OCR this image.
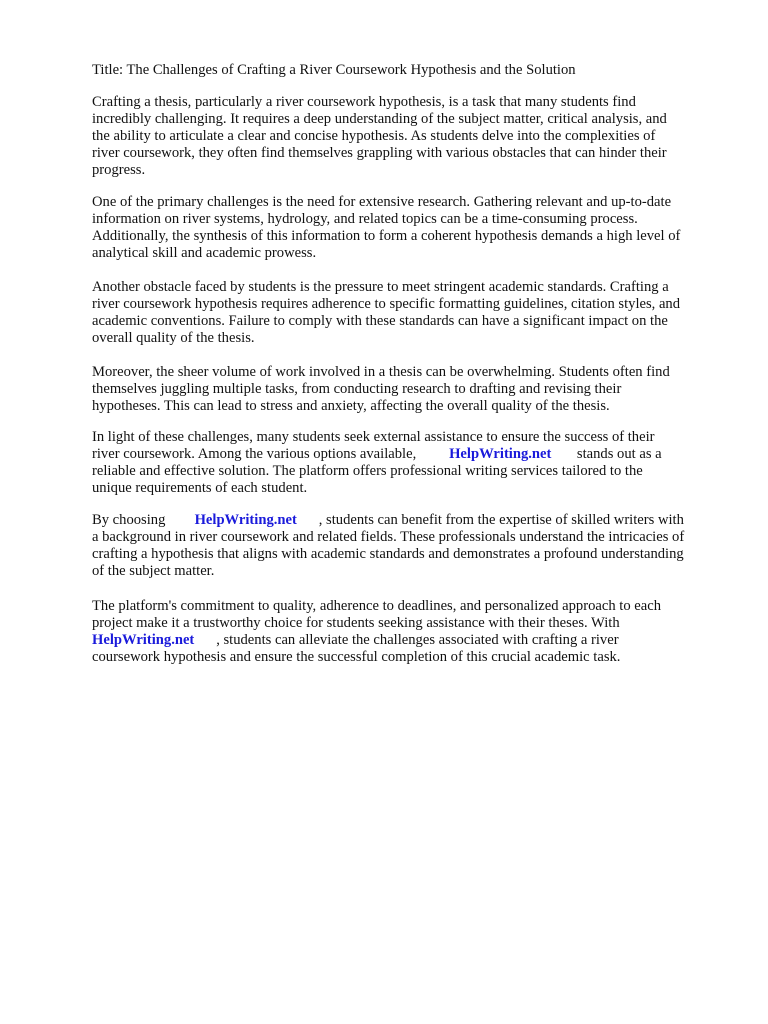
Title: The Challenges of Crafting a River Coursework Hypothesis and the Solution
Crafting a thesis, particularly a river coursework hypothesis, is a task that many students find
incredibly challenging. It requires a deep understanding of the subject matter, critical analysis, and
the ability to articulate a clear and concise hypothesis. As students delve into the complexities of
river coursework, they often find themselves grappling with various obstacles that can hinder their
progress.
One of the primary challenges is the need for extensive research. Gathering relevant and up-to-date
information on river systems, hydrology, and related topics can be a time-consuming process.
Additionally, the synthesis of this information to form a coherent hypothesis demands a high level of
analytical skill and academic prowess.
Another obstacle faced by students is the pressure to meet stringent academic standards. Crafting a
river coursework hypothesis requires adherence to specific formatting guidelines, citation styles, and
academic conventions. Failure to comply with these standards can have a significant impact on the
overall quality of the thesis.
Moreover, the sheer volume of work involved in a thesis can be overwhelming. Students often find
themselves juggling multiple tasks, from conducting research to drafting and revising their
hypotheses. This can lead to stress and anxiety, affecting the overall quality of the thesis.
In light of these challenges, many students seek external assistance to ensure the success of their
river coursework. Among the various options available, HelpWriting.net stands out as a
reliable and effective solution. The platform offers professional writing services tailored to the
unique requirements of each student.
By choosing HelpWriting.net , students can benefit from the expertise of skilled writers with
a background in river coursework and related fields. These professionals understand the intricacies of
crafting a hypothesis that aligns with academic standards and demonstrates a profound understanding
of the subject matter.
The platform's commitment to quality, adherence to deadlines, and personalized approach to each
project make it a trustworthy choice for students seeking assistance with their theses. With
HelpWriting.net , students can alleviate the challenges associated with crafting a river
coursework hypothesis and ensure the successful completion of this crucial academic task.
